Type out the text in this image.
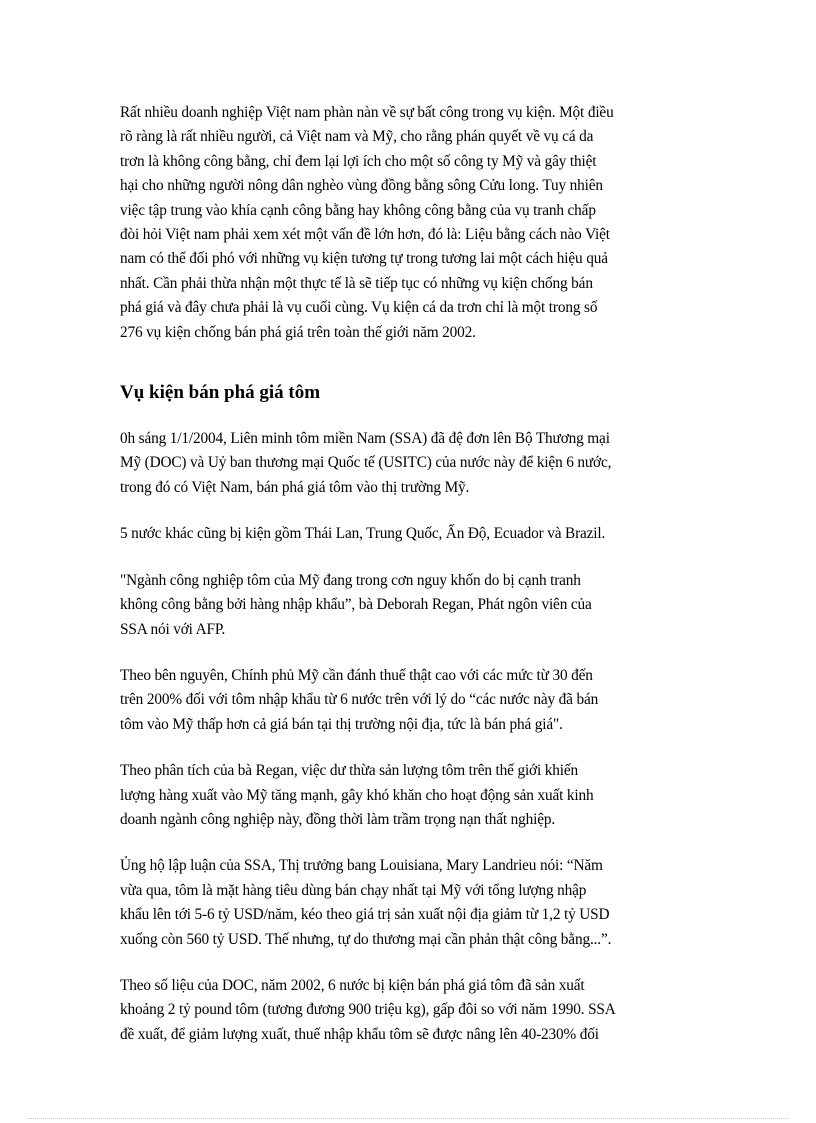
Rất nhiều doanh nghiệp Việt nam phàn nàn về sự bất công trong vụ kiện. Một điều
rõ ràng là rất nhiều người, cả Việt nam và Mỹ, cho rằng phán quyết về vụ cá da
trơn là không công bằng, chỉ đem lại lợi ích cho một số công ty Mỹ và gây thiệt
hại cho những người nông dân nghèo vùng đồng bằng sông Cửu long. Tuy nhiên
việc tập trung vào khía cạnh công bằng hay không công bằng của vụ tranh chấp
đòi hỏi Việt nam phải xem xét một vấn đề lớn hơn, đó là: Liệu bằng cách nào Việt
nam có thể đối phó với những vụ kiện tương tự trong tương lai một cách hiệu quả
nhất. Cần phải thừa nhận một thực tế là sẽ tiếp tục có những vụ kiện chống bán
phá giá và đây chưa phải là vụ cuối cùng. Vụ kiện cá da trơn chỉ là một trong số
276 vụ kiện chống bán phá giá trên toàn thế giới năm 2002.

Vụ kiện bán phá giá tôm

0h sáng 1/1/2004, Liên minh tôm miền Nam (SSA) đã đệ đơn lên Bộ Thương mại
Mỹ (DOC) và Uỷ ban thương mại Quốc tế (USITC) của nước này để kiện 6 nước,
trong đó có Việt Nam, bán phá giá tôm vào thị trường Mỹ.

5 nước khác cũng bị kiện gồm Thái Lan, Trung Quốc, Ấn Độ, Ecuador và Brazil.

"Ngành công nghiệp tôm của Mỹ đang trong cơn nguy khốn do bị cạnh tranh
không công bằng bởi hàng nhập khẩu”, bà Deborah Regan, Phát ngôn viên của
SSA nói với AFP.

Theo bên nguyên, Chính phủ Mỹ cần đánh thuế thật cao với các mức từ 30 đến
trên 200% đối với tôm nhập khẩu từ 6 nước trên với lý do “các nước này đã bán
tôm vào Mỹ thấp hơn cả giá bán tại thị trường nội địa, tức là bán phá giá".

Theo phân tích của bà Regan, việc dư thừa sản lượng tôm trên thế giới khiến
lượng hàng xuất vào Mỹ tăng mạnh, gây khó khăn cho hoạt động sản xuất kinh
doanh ngành công nghiệp này, đồng thời làm trầm trọng nạn thất nghiệp.

Ủng hộ lập luận của SSA, Thị trưởng bang Louisiana, Mary Landrieu nói: “Năm
vừa qua, tôm là mặt hàng tiêu dùng bán chạy nhất tại Mỹ với tổng lượng nhập
khẩu lên tới 5-6 tỷ USD/năm, kéo theo giá trị sản xuất nội địa giảm từ 1,2 tỷ USD
xuống còn 560 tỷ USD. Thế nhưng, tự do thương mại cần phản thật công bằng...”.

Theo số liệu của DOC, năm 2002, 6 nước bị kiện bán phá giá tôm đã sản xuất
khoảng 2 tỷ pound tôm (tương đương 900 triệu kg), gấp đôi so với năm 1990. SSA
đề xuất, để giảm lượng xuất, thuế nhập khẩu tôm sẽ được nâng lên 40-230% đối
